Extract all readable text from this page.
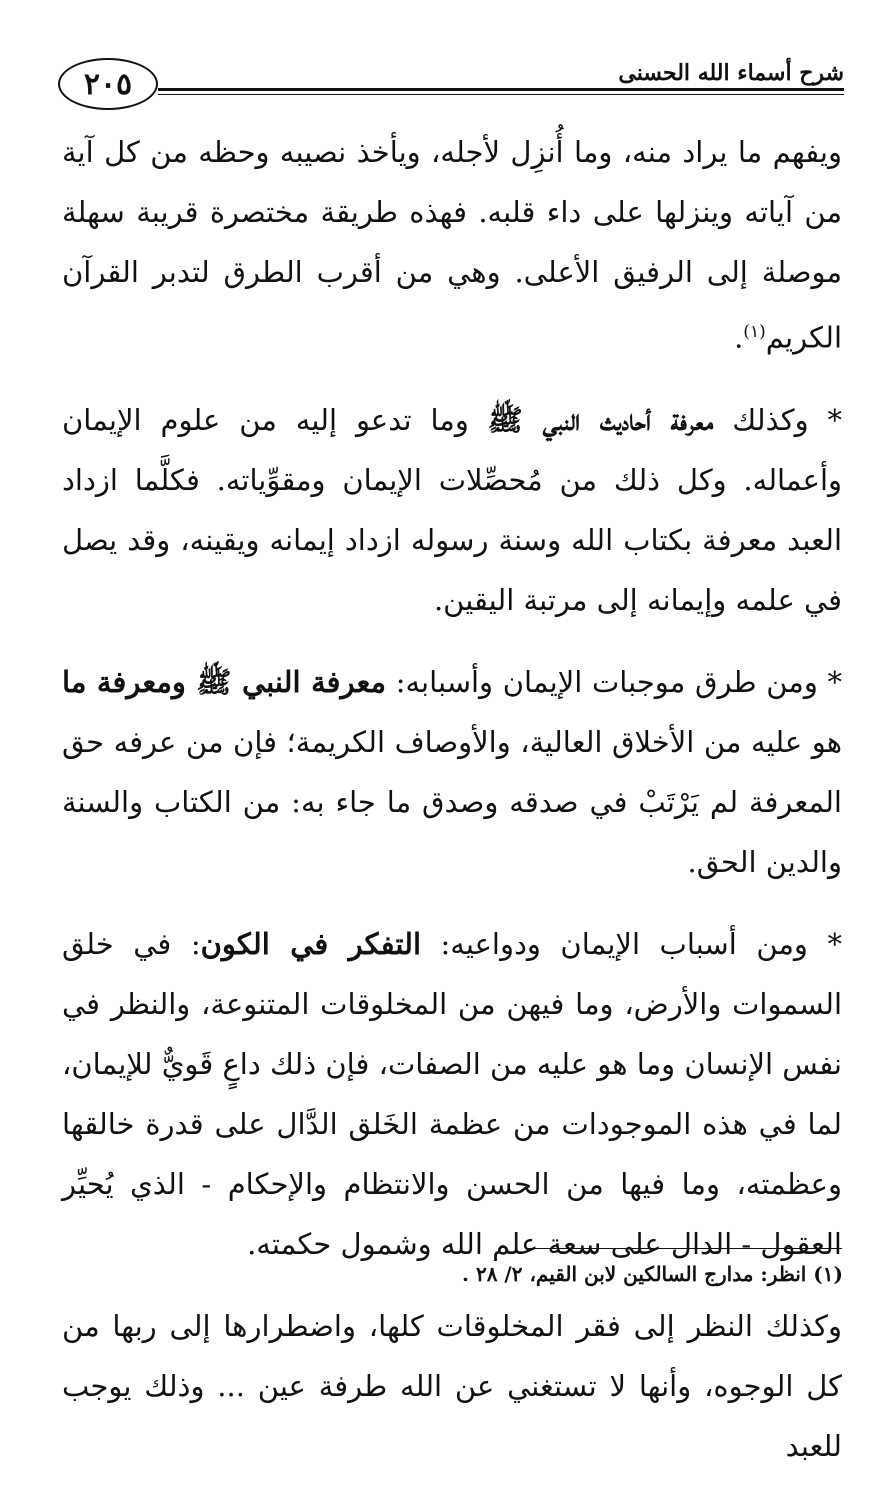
٢٠٥	شرح أسماء الله الحسنى

ويفهم ما يراد منه، وما أُنزِل لأجله، ويأخذ نصيبه وحظه من كل آية من آياته وينزلها على داء قلبه. فهذه طريقة مختصرة قريبة سهلة موصلة إلى الرفيق الأعلى. وهي من أقرب الطرق لتدبر القرآن الكريم$^{(١)}$.

* وكذلك معرفة أحاديث النبي ﷺ وما تدعو إليه من علوم الإيمان وأعماله. وكل ذلك من مُحصِّلات الإيمان ومقوِّياته. فكلَّما ازداد العبد معرفة بكتاب الله وسنة رسوله ازداد إيمانه ويقينه، وقد يصل في علمه وإيمانه إلى مرتبة اليقين.

* ومن طرق موجبات الإيمان وأسبابه: معرفة النبي ﷺ ومعرفة ما هو عليه من الأخلاق العالية، والأوصاف الكريمة؛ فإن من عرفه حق المعرفة لم يَرْتَبْ في صدقه وصدق ما جاء به: من الكتاب والسنة والدين الحق.

* ومن أسباب الإيمان ودواعيه: التفكر في الكون: في خلق السموات والأرض، وما فيهن من المخلوقات المتنوعة، والنظر في نفس الإنسان وما هو عليه من الصفات، فإن ذلك داعٍ قَويٌّ للإيمان، لما في هذه الموجودات من عظمة الخَلق الدَّال على قدرة خالقها وعظمته، وما فيها من الحسن والانتظام والإحكام - الذي يُحيِّر العقول - الدال على سعة علم الله وشمول حكمته.

وكذلك النظر إلى فقر المخلوقات كلها، واضطرارها إلى ربها من كل الوجوه، وأنها لا تستغني عن الله طرفة عين ... وذلك يوجب للعبد

(١) انظر: مدارج السالكين لابن القيم، ٢/ ٢٨ .
